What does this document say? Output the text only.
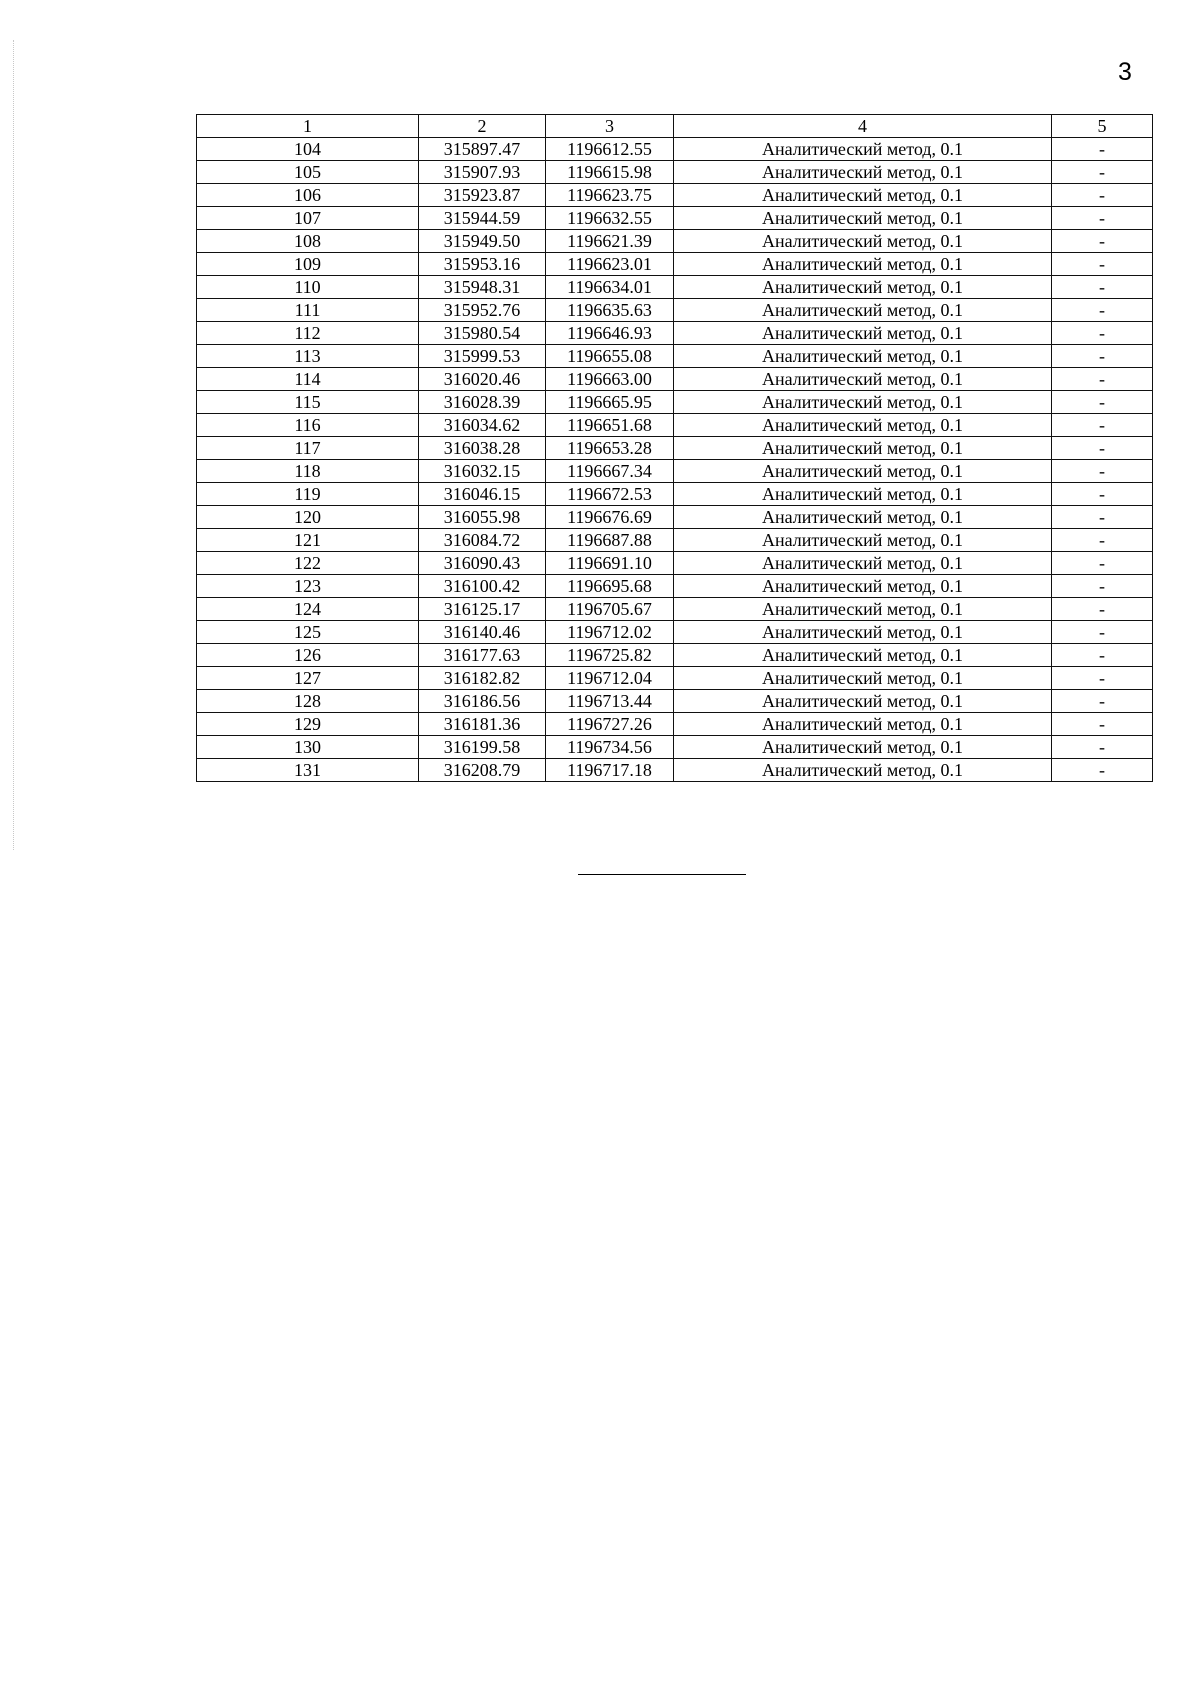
3
1	2	3	4	5
104	315897.47	1196612.55	Аналитический метод, 0.1	-
105	315907.93	1196615.98	Аналитический метод, 0.1	-
106	315923.87	1196623.75	Аналитический метод, 0.1	-
107	315944.59	1196632.55	Аналитический метод, 0.1	-
108	315949.50	1196621.39	Аналитический метод, 0.1	-
109	315953.16	1196623.01	Аналитический метод, 0.1	-
110	315948.31	1196634.01	Аналитический метод, 0.1	-
111	315952.76	1196635.63	Аналитический метод, 0.1	-
112	315980.54	1196646.93	Аналитический метод, 0.1	-
113	315999.53	1196655.08	Аналитический метод, 0.1	-
114	316020.46	1196663.00	Аналитический метод, 0.1	-
115	316028.39	1196665.95	Аналитический метод, 0.1	-
116	316034.62	1196651.68	Аналитический метод, 0.1	-
117	316038.28	1196653.28	Аналитический метод, 0.1	-
118	316032.15	1196667.34	Аналитический метод, 0.1	-
119	316046.15	1196672.53	Аналитический метод, 0.1	-
120	316055.98	1196676.69	Аналитический метод, 0.1	-
121	316084.72	1196687.88	Аналитический метод, 0.1	-
122	316090.43	1196691.10	Аналитический метод, 0.1	-
123	316100.42	1196695.68	Аналитический метод, 0.1	-
124	316125.17	1196705.67	Аналитический метод, 0.1	-
125	316140.46	1196712.02	Аналитический метод, 0.1	-
126	316177.63	1196725.82	Аналитический метод, 0.1	-
127	316182.82	1196712.04	Аналитический метод, 0.1	-
128	316186.56	1196713.44	Аналитический метод, 0.1	-
129	316181.36	1196727.26	Аналитический метод, 0.1	-
130	316199.58	1196734.56	Аналитический метод, 0.1	-
131	316208.79	1196717.18	Аналитический метод, 0.1	-
